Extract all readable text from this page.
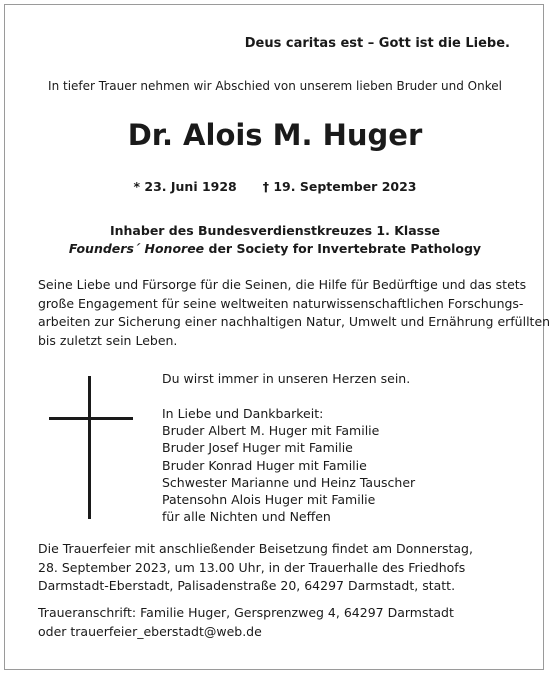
Deus caritas est – Gott ist die Liebe.
In tiefer Trauer nehmen wir Abschied von unserem lieben Bruder und Onkel
Dr. Alois M. Huger
* 23. Juni 1928 † 19. September 2023
Inhaber des Bundesverdienstkreuzes 1. Klasse
Founders´ Honoree der Society for Invertebrate Pathology
Seine Liebe und Fürsorge für die Seinen, die Hilfe für Bedürftige und das stets
große Engagement für seine weltweiten naturwissenschaftlichen Forschungs-
arbeiten zur Sicherung einer nachhaltigen Natur, Umwelt und Ernährung erfüllten
bis zuletzt sein Leben.
Du wirst immer in unseren Herzen sein.
In Liebe und Dankbarkeit:
Bruder Albert M. Huger mit Familie
Bruder Josef Huger mit Familie
Bruder Konrad Huger mit Familie
Schwester Marianne und Heinz Tauscher
Patensohn Alois Huger mit Familie
für alle Nichten und Neffen
Die Trauerfeier mit anschließender Beisetzung findet am Donnerstag,
28. September 2023, um 13.00 Uhr, in der Trauerhalle des Friedhofs
Darmstadt-Eberstadt, Palisadenstraße 20, 64297 Darmstadt, statt.
Traueranschrift: Familie Huger, Gersprenzweg 4, 64297 Darmstadt
oder trauerfeier_eberstadt@web.de
